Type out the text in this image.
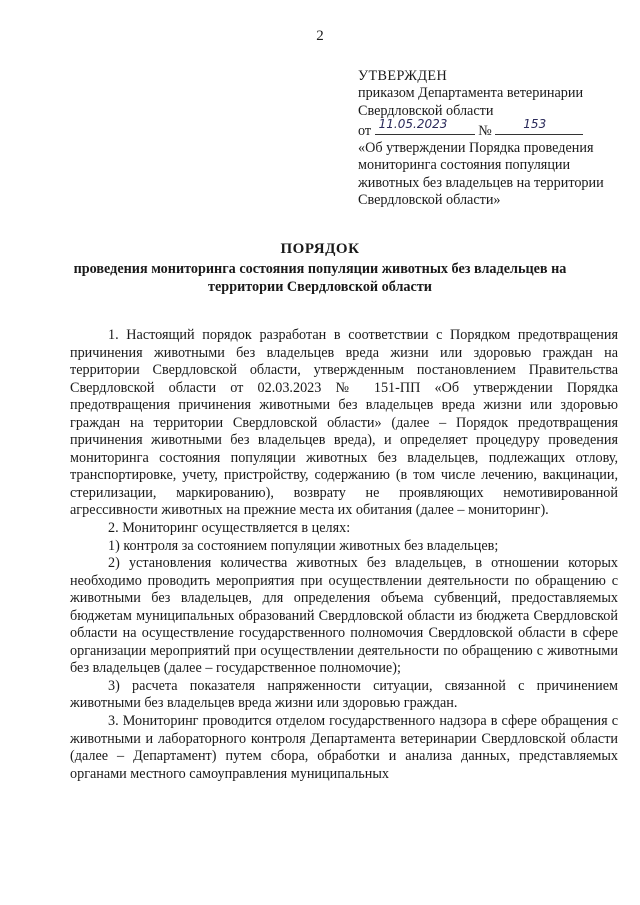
2
УТВЕРЖДЕН
приказом Департамента ветеринарии
Свердловской области
от 11.05.2023 №	153
«Об утверждении Порядка проведения мониторинга состояния популяции животных без владельцев на территории Свердловской области»
ПОРЯДОК
проведения мониторинга состояния популяции животных без владельцев на территории Свердловской области

1. Настоящий порядок разработан в соответствии с Порядком предотвращения причинения животными без владельцев вреда жизни или здоровью граждан на территории Свердловской области, утвержденным постановлением Правительства Свердловской области от 02.03.2023 № 151-ПП «Об утверждении Порядка предотвращения причинения животными без владельцев вреда жизни или здоровью граждан на территории Свердловской области» (далее – Порядок предотвращения причинения животными без владельцев вреда), и определяет процедуру проведения мониторинга состояния популяции животных без владельцев, подлежащих отлову, транспортировке, учету, пристройству, содержанию (в том числе лечению, вакцинации, стерилизации, маркированию), возврату не проявляющих немотивированной агрессивности животных на прежние места их обитания (далее – мониторинг).

2. Мониторинг осуществляется в целях:

1) контроля за состоянием популяции животных без владельцев;

2) установления количества животных без владельцев, в отношении которых необходимо проводить мероприятия при осуществлении деятельности по обращению с животными без владельцев, для определения объема субвенций, предоставляемых бюджетам муниципальных образований Свердловской области из бюджета Свердловской области на осуществление государственного полномочия Свердловской области в сфере организации мероприятий при осуществлении деятельности по обращению с животными без владельцев (далее – государственное полномочие);

3) расчета показателя напряженности ситуации, связанной с причинением животными без владельцев вреда жизни или здоровью граждан.

3. Мониторинг проводится отделом государственного надзора в сфере обращения с животными и лабораторного контроля Департамента ветеринарии Свердловской области (далее – Департамент) путем сбора, обработки и анализа данных, представляемых органами местного самоуправления муниципальных
